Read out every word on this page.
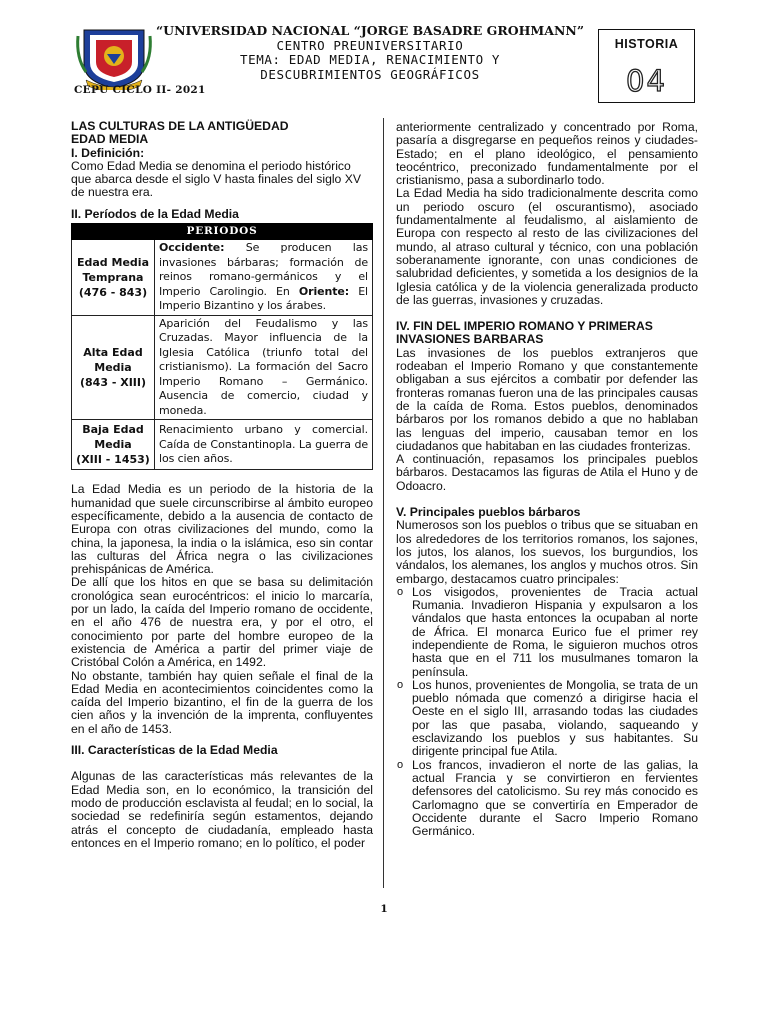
CEPU CICLO II- 2021
“UNIVERSIDAD NACIONAL “JORGE BASADRE GROHMANN”
CENTRO PREUNIVERSITARIO
TEMA: EDAD MEDIA, RENACIMIENTO Y
DESCUBRIMIENTOS GEOGRÁFICOS
HISTORIA
04

LAS CULTURAS DE LA ANTIGÜEDAD

EDAD MEDIA

I. Definición:

Como Edad Media se denomina el periodo histórico que abarca desde el siglo V hasta finales del siglo XV de nuestra era.

II. Períodos de la Edad Media

PERIODOS	

Edad Media Temprana
(476 - 843)	Occidente: Se producen las invasiones bárbaras; formación de reinos romano-germánicos y el Imperio Carolingio. En Oriente: El Imperio Bizantino y los árabes.

Alta Edad Media
(843 - XIII)	Aparición del Feudalismo y las Cruzadas. Mayor influencia de la Iglesia Católica (triunfo total del cristianismo). La formación del Sacro Imperio Romano – Germánico. Ausencia de comercio, ciudad y moneda.

Baja Edad Media
(XIII - 1453)	Renacimiento urbano y comercial. Caída de Constantinopla. La guerra de los cien años.

La Edad Media es un periodo de la historia de la humanidad que suele circunscribirse al ámbito europeo específicamente, debido a la ausencia de contacto de Europa con otras civilizaciones del mundo, como la china, la japonesa, la india o la islámica, eso sin contar las culturas del África negra o las civilizaciones prehispánicas de América.

De allí que los hitos en que se basa su delimitación cronológica sean eurocéntricos: el inicio lo marcaría, por un lado, la caída del Imperio romano de occidente, en el año 476 de nuestra era, y por el otro, el conocimiento por parte del hombre europeo de la existencia de América a partir del primer viaje de Cristóbal Colón a América, en 1492.

No obstante, también hay quien señale el final de la Edad Media en acontecimientos coincidentes como la caída del Imperio bizantino, el fin de la guerra de los cien años y la invención de la imprenta, confluyentes en el año de 1453.

III. Características de la Edad Media

Algunas de las características más relevantes de la Edad Media son, en lo económico, la transición del modo de producción esclavista al feudal; en lo social, la sociedad se redefiniría según estamentos, dejando atrás el concepto de ciudadanía, empleado hasta entonces en el Imperio romano; en lo político, el poder

anteriormente centralizado y concentrado por Roma, pasaría a disgregarse en pequeños reinos y ciudades-Estado; en el plano ideológico, el pensamiento teocéntrico, preconizado fundamentalmente por el cristianismo, pasa a subordinarlo todo.

La Edad Media ha sido tradicionalmente descrita como un periodo oscuro (el oscurantismo), asociado fundamentalmente al feudalismo, al aislamiento de Europa con respecto al resto de las civilizaciones del mundo, al atraso cultural y técnico, con una población soberanamente ignorante, con unas condiciones de salubridad deficientes, y sometida a los designios de la Iglesia católica y de la violencia generalizada producto de las guerras, invasiones y cruzadas.

IV. FIN DEL IMPERIO ROMANO Y PRIMERAS

INVASIONES BARBARAS

Las invasiones de los pueblos extranjeros que rodeaban el Imperio Romano y que constantemente obligaban a sus ejércitos a combatir por defender las fronteras romanas fueron una de las principales causas de la caída de Roma. Estos pueblos, denominados bárbaros por los romanos debido a que no hablaban las lenguas del imperio, causaban temor en los ciudadanos que habitaban en las ciudades fronterizas.

A continuación, repasamos los principales pueblos bárbaros. Destacamos las figuras de Atila el Huno y de Odoacro.

V. Principales pueblos bárbaros

Numerosos son los pueblos o tribus que se situaban en los alrededores de los territorios romanos, los sajones, los jutos, los alanos, los suevos, los burgundios, los vándalos, los alemanes, los anglos y muchos otros. Sin embargo, destacamos cuatro principales:

o Los visigodos, provenientes de Tracia actual Rumania. Invadieron Hispania y expulsaron a los vándalos que hasta entonces la ocupaban al norte de África. El monarca Eurico fue el primer rey independiente de Roma, le siguieron muchos otros hasta que en el 711 los musulmanes tomaron la península.
o Los hunos, provenientes de Mongolia, se trata de un pueblo nómada que comenzó a dirigirse hacia el Oeste en el siglo III, arrasando todas las ciudades por las que pasaba, violando, saqueando y esclavizando los pueblos y sus habitantes. Su dirigente principal fue Atila.
o Los francos, invadieron el norte de las galias, la actual Francia y se convirtieron en fervientes defensores del catolicismo. Su rey más conocido es Carlomagno que se convertiría en Emperador de Occidente durante el Sacro Imperio Romano Germánico.
1
